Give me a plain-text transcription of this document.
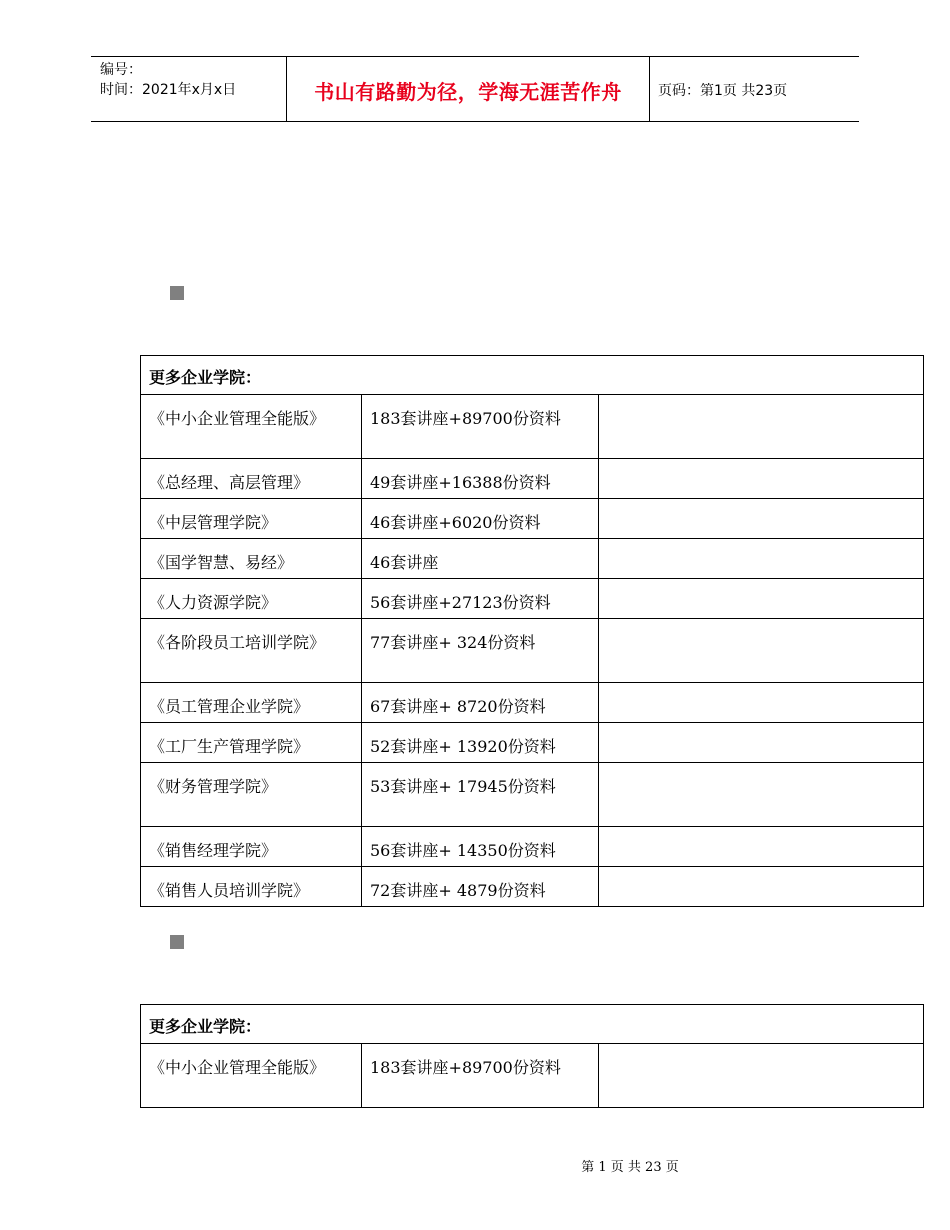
编号：
时间：2021年x月x日	书山有路勤为径，学海无涯苦作舟	页码：第1页 共23页
更多企业学院：		
《中小企业管理全能版》	183套讲座+89700份资料	
《总经理、高层管理》	49套讲座+16388份资料	
《中层管理学院》	46套讲座+6020份资料	
《国学智慧、易经》	46套讲座	
《人力资源学院》	56套讲座+27123份资料	
《各阶段员工培训学院》	77套讲座+ 324份资料	
《员工管理企业学院》	67套讲座+ 8720份资料	
《工厂生产管理学院》	52套讲座+ 13920份资料	
《财务管理学院》	53套讲座+ 17945份资料	
《销售经理学院》	56套讲座+ 14350份资料	
《销售人员培训学院》	72套讲座+ 4879份资料	
更多企业学院：
《中小企业管理全能版》	183套讲座+89700份资料	
第 1 页 共 23 页
